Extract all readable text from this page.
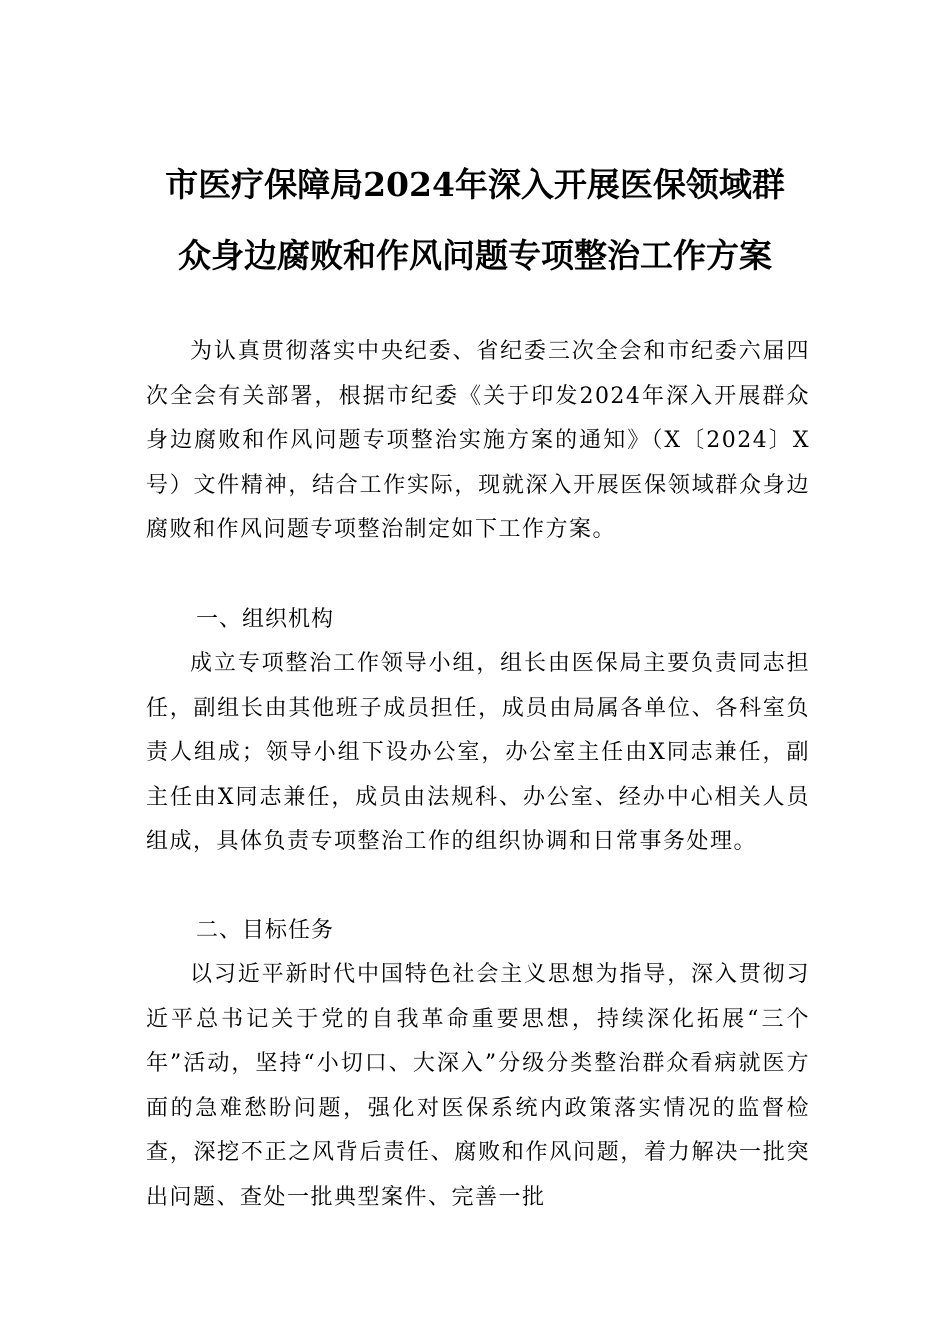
市医疗保障局2024年深入开展医保领域群
众身边腐败和作风问题专项整治工作方案

为认真贯彻落实中央纪委、省纪委三次全会和市纪委六届四次全会有关部署，根据市纪委《关于印发2024年深入开展群众身边腐败和作风问题专项整治实施方案的通知》（X〔2024〕X号）文件精神，结合工作实际，现就深入开展医保领域群众身边腐败和作风问题专项整治制定如下工作方案。

一、组织机构

成立专项整治工作领导小组，组长由医保局主要负责同志担任，副组长由其他班子成员担任，成员由局属各单位、各科室负责人组成；领导小组下设办公室，办公室主任由X同志兼任，副主任由X同志兼任，成员由法规科、办公室、经办中心相关人员组成，具体负责专项整治工作的组织协调和日常事务处理。

二、目标任务

以习近平新时代中国特色社会主义思想为指导，深入贯彻习近平总书记关于党的自我革命重要思想，持续深化拓展“三个年”活动，坚持“小切口、大深入”分级分类整治群众看病就医方面的急难愁盼问题，强化对医保系统内政策落实情况的监督检查，深挖不正之风背后责任、腐败和作风问题，着力解决一批突出问题、查处一批典型案件、完善一批
